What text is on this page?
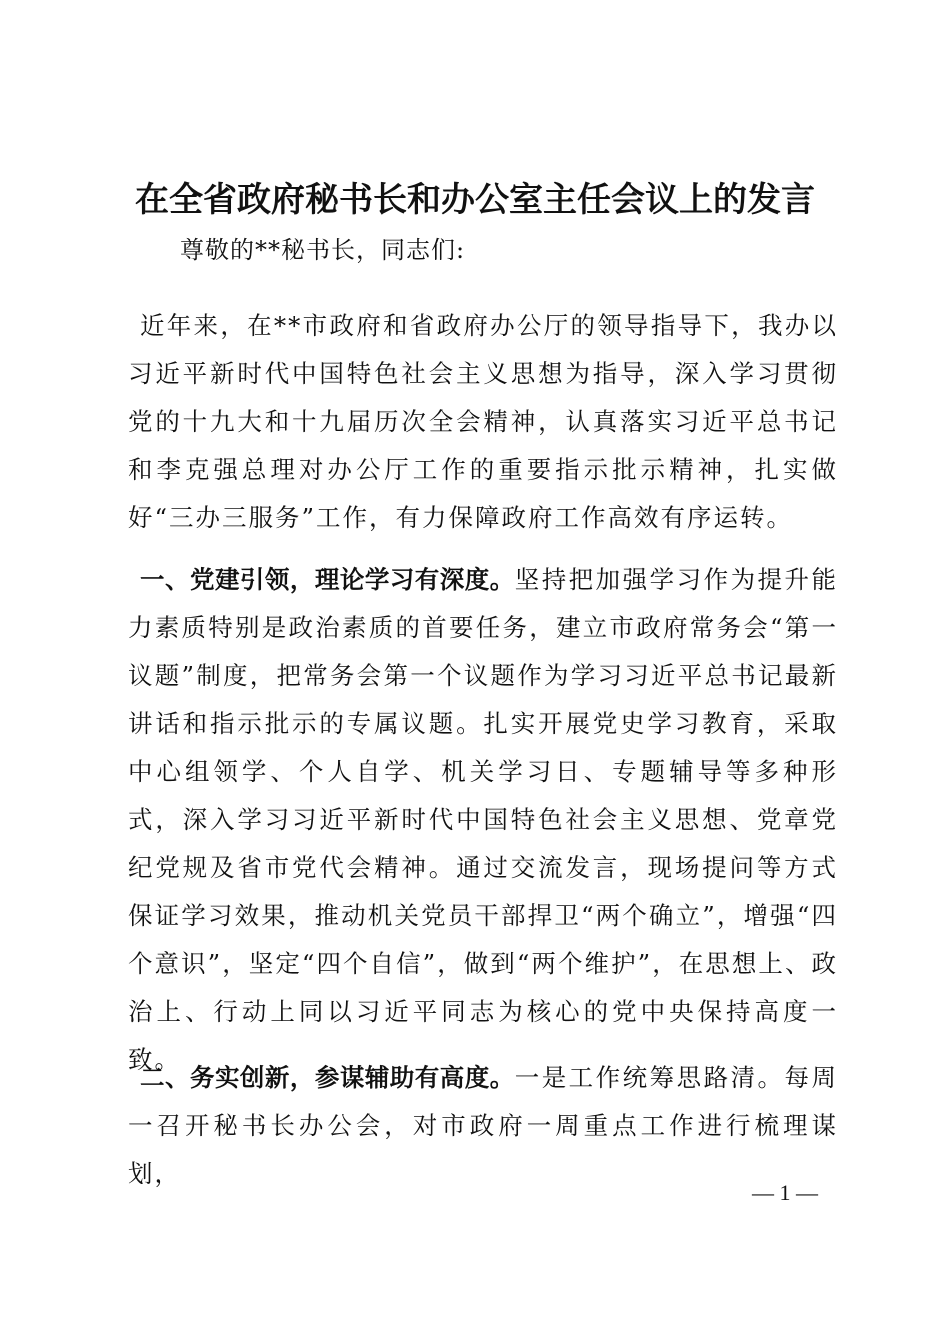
在全省政府秘书长和办公室主任会议上的发言

尊敬的**秘书长，同志们:

近年来，在**市政府和省政府办公厅的领导指导下，我办以习近平新时代中国特色社会主义思想为指导，深入学习贯彻党的十九大和十九届历次全会精神，认真落实习近平总书记和李克强总理对办公厅工作的重要指示批示精神，扎实做好“三办三服务”工作，有力保障政府工作高效有序运转。

一、党建引领，理论学习有深度。坚持把加强学习作为提升能力素质特别是政治素质的首要任务，建立市政府常务会“第一议题”制度，把常务会第一个议题作为学习习近平总书记最新讲话和指示批示的专属议题。扎实开展党史学习教育，采取中心组领学、个人自学、机关学习日、专题辅导等多种形式，深入学习习近平新时代中国特色社会主义思想、党章党纪党规及省市党代会精神。通过交流发言，现场提问等方式保证学习效果，推动机关党员干部捍卫“两个确立”，增强“四个意识”，坚定“四个自信”，做到“两个维护”，在思想上、政治上、行动上同以习近平同志为核心的党中央保持高度一致。

二、务实创新，参谋辅助有高度。一是工作统筹思路清。每周一召开秘书长办公会，对市政府一周重点工作进行梳理谋划，

— 1 —
